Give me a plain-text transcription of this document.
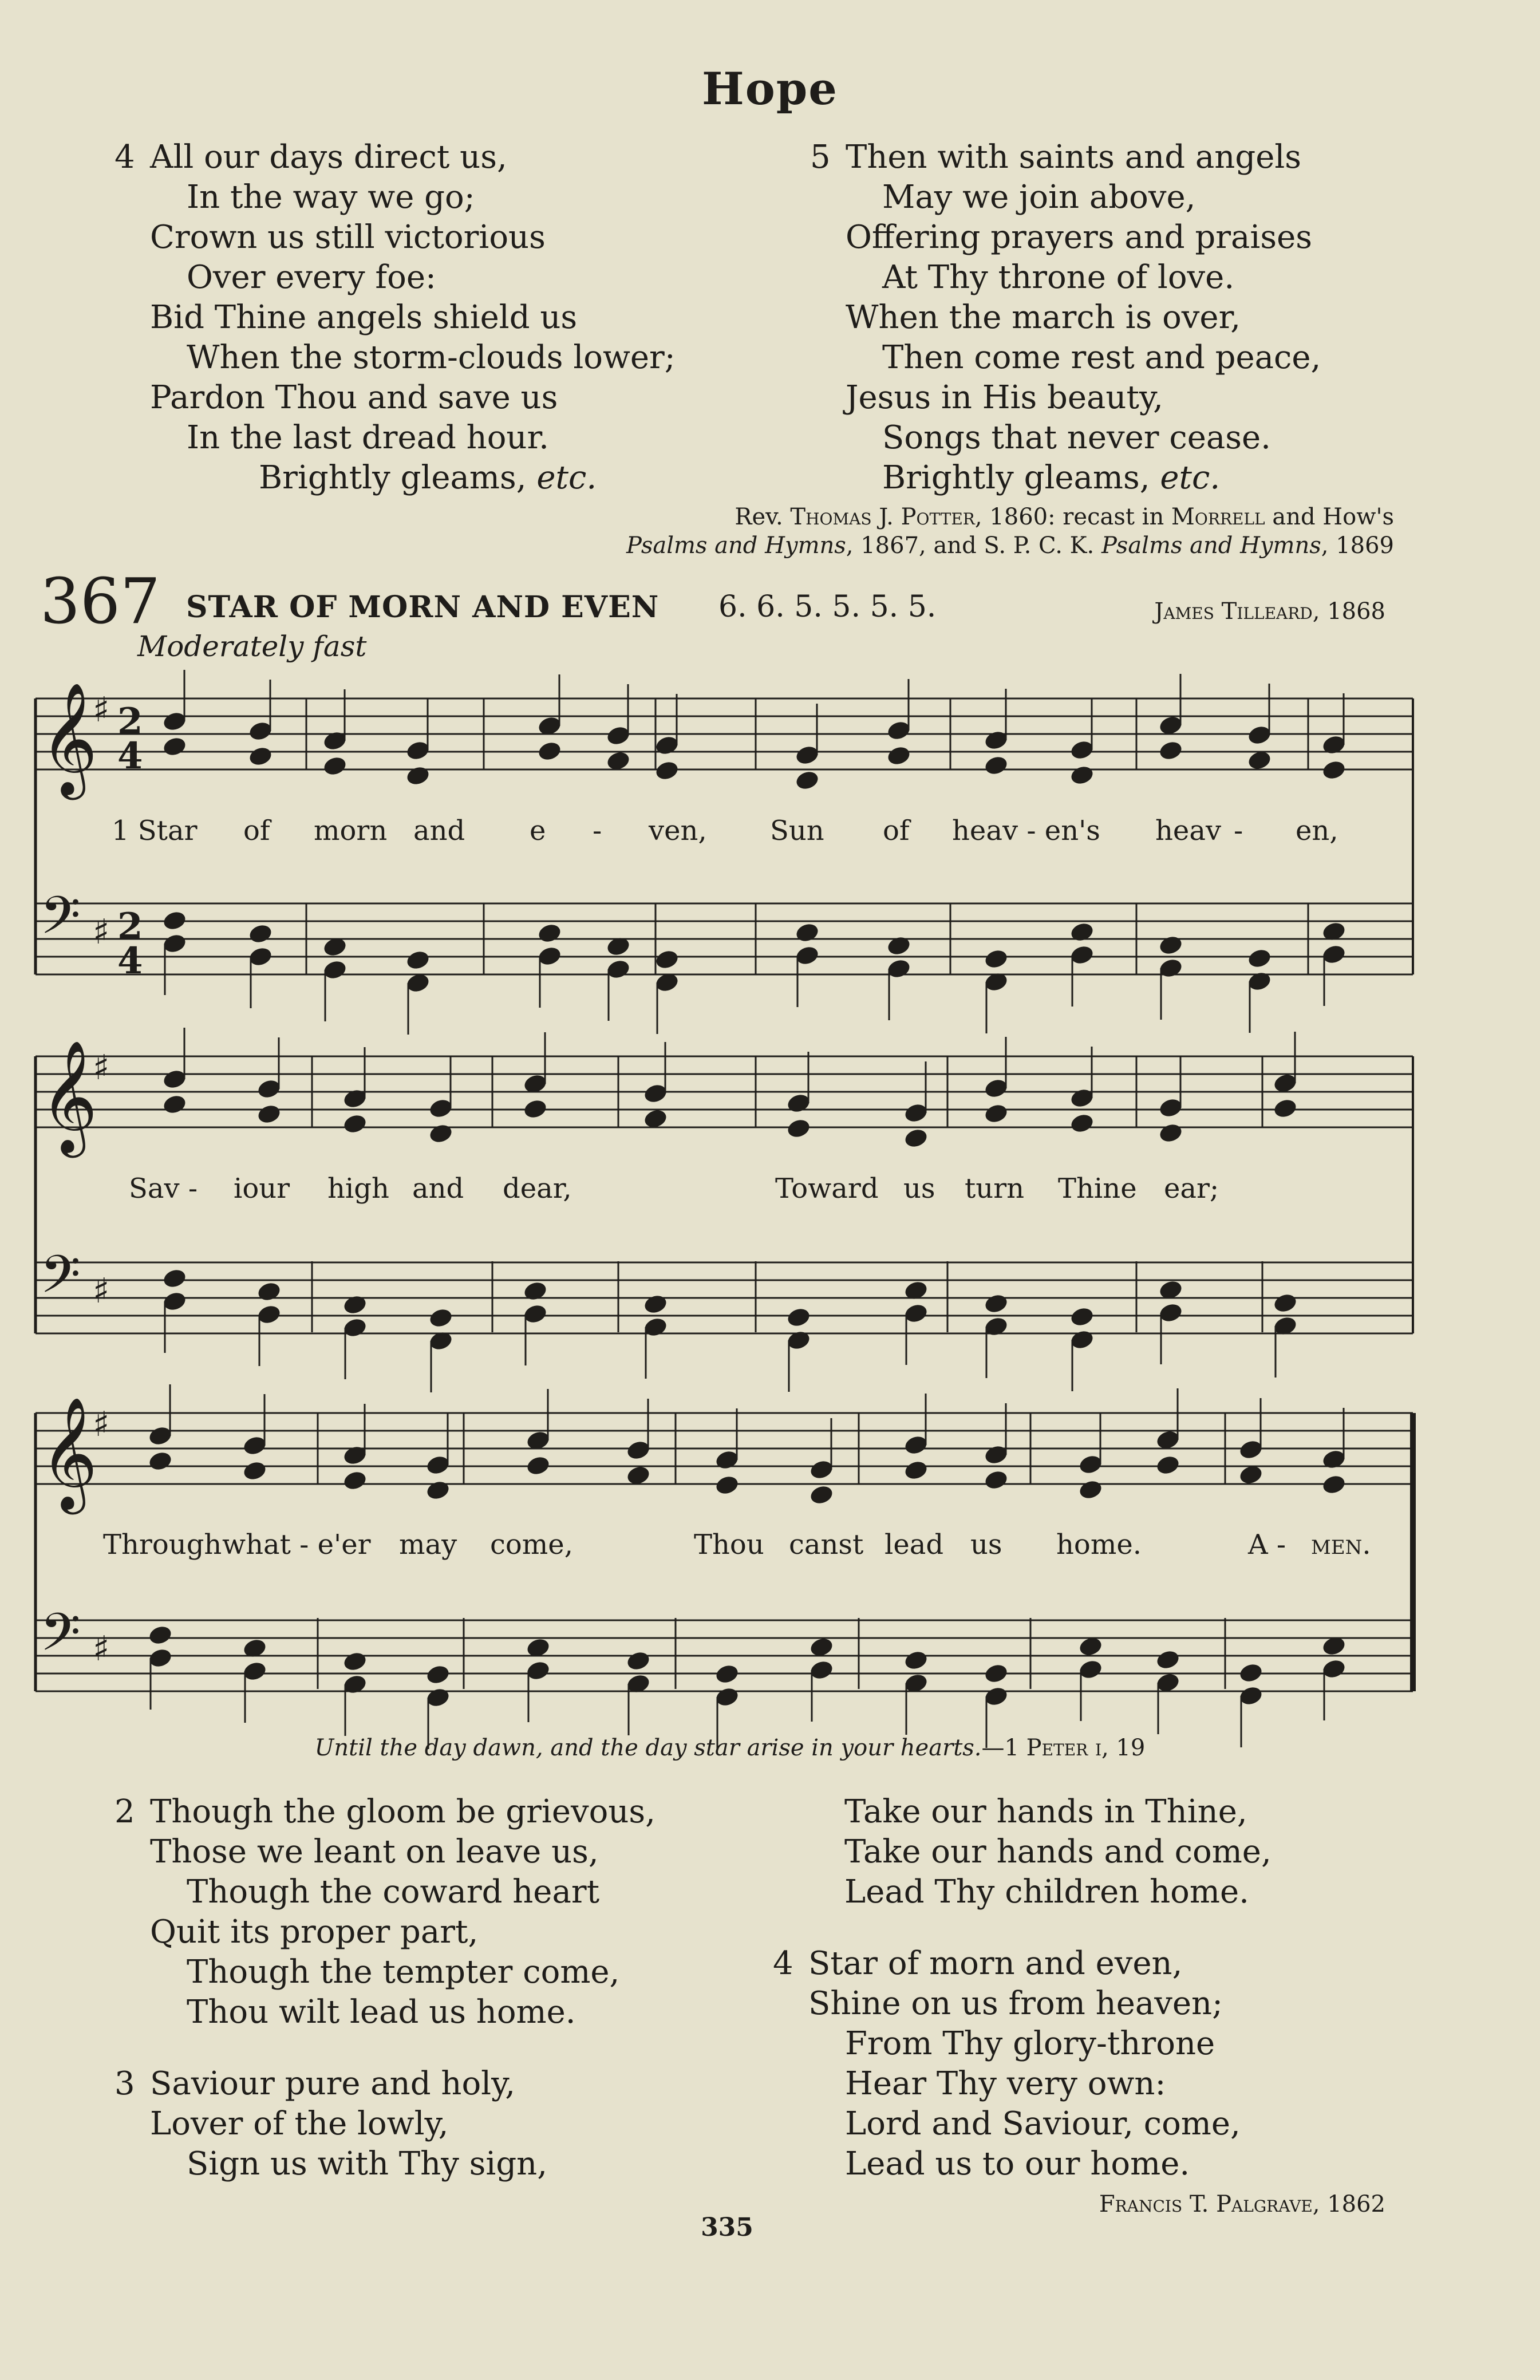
Hope
4 All our days direct us,
In the way we go;
Crown us still victorious
Over every foe:
Bid Thine angels shield us
When the storm-clouds lower;
Pardon Thou and save us
In the last dread hour.
Brightly gleams, etc.
5 Then with saints and angels
May we join above,
Offering prayers and praises
At Thy throne of love.
When the march is over,
Then come rest and peace,
Jesus in His beauty,
Songs that never cease.
Brightly gleams, etc.
Rev. Thomas J. Potter, 1860: recast in Morrell and How's
Psalms and Hymns, 1867, and S. P. C. K. Psalms and Hymns, 1869
367 STAR OF MORN AND EVEN 6. 6. 5. 5. 5. 5.	James Tilleard, 1868
Moderately fast
𝄞
♯
𝄢 ♯
𝄞
♯
𝄢 ♯
𝄞
♯
𝄢 ♯
2
4
2
4
1 Star of morn and e - ven, Sun of heav - en's heav - en,
Sav - iour high and dear,	Toward us turn Thine ear;
Through what - e'er may come,	Thou canst lead us home.	A - men.
Until the day dawn, and the day star arise in your hearts.—1 Peter i, 19
2 Though the gloom be grievous,
Those we leant on leave us,
Though the coward heart
Quit its proper part,
Though the tempter come,
Thou wilt lead us home.
3 Saviour pure and holy,
Lover of the lowly,
Sign us with Thy sign,
Take our hands in Thine,
Take our hands and come,
Lead Thy children home.
4 Star of morn and even,
Shine on us from heaven;
From Thy glory-throne
Hear Thy very own:
Lord and Saviour, come,
Lead us to our home.
Francis T. Palgrave, 1862
335
